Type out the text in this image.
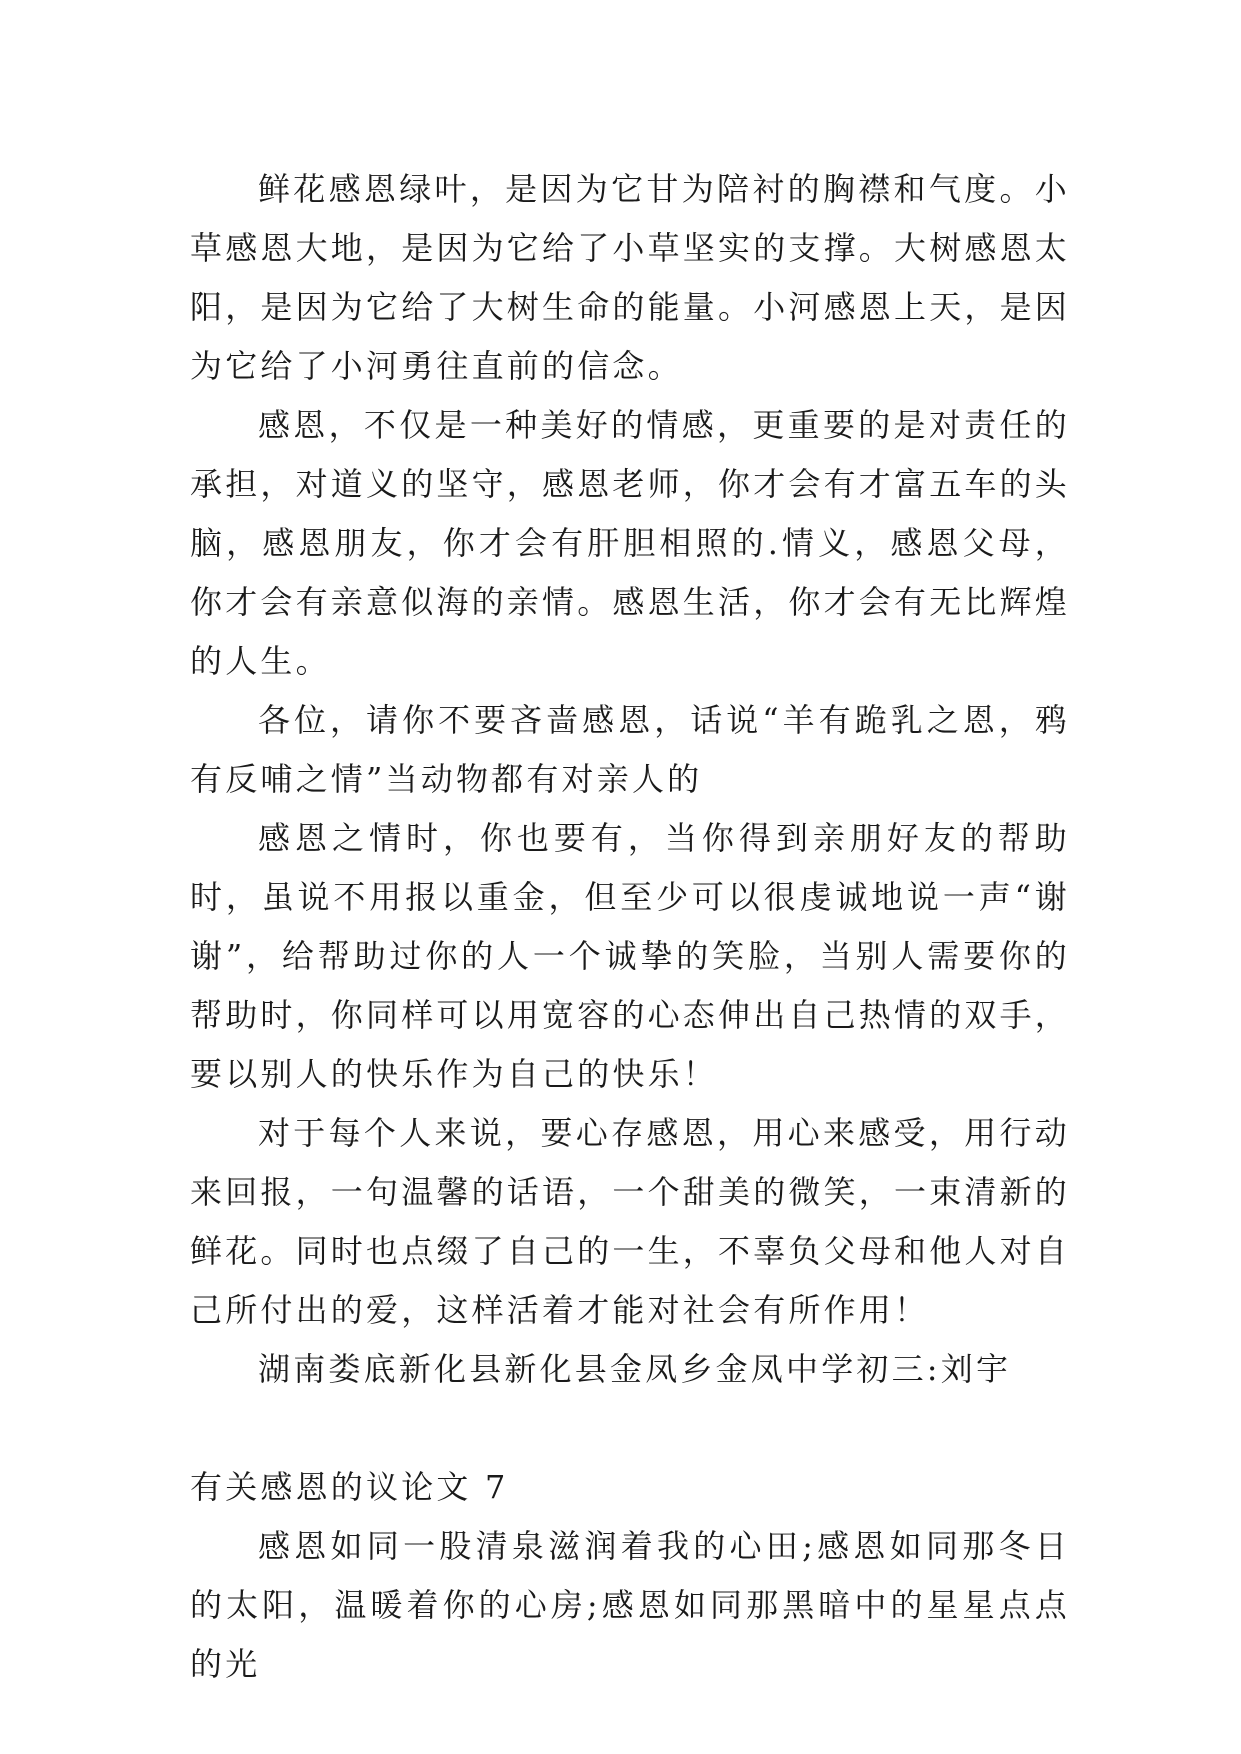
鲜花感恩绿叶，是因为它甘为陪衬的胸襟和气度。小草感恩大地，是因为它给了小草坚实的支撑。大树感恩太阳，是因为它给了大树生命的能量。小河感恩上天，是因为它给了小河勇往直前的信念。

感恩，不仅是一种美好的情感，更重要的是对责任的承担，对道义的坚守，感恩老师，你才会有才富五车的头脑，感恩朋友，你才会有肝胆相照的.情义，感恩父母，你才会有亲意似海的亲情。感恩生活，你才会有无比辉煌的人生。

各位，请你不要吝啬感恩，话说“羊有跪乳之恩，鸦有反哺之情”当动物都有对亲人的

感恩之情时，你也要有，当你得到亲朋好友的帮助时，虽说不用报以重金，但至少可以很虔诚地说一声“谢谢”，给帮助过你的人一个诚挚的笑脸，当别人需要你的帮助时，你同样可以用宽容的心态伸出自己热情的双手，要以别人的快乐作为自己的快乐！

对于每个人来说，要心存感恩，用心来感受，用行动来回报，一句温馨的话语，一个甜美的微笑，一束清新的鲜花。同时也点缀了自己的一生，不辜负父母和他人对自己所付出的爱，这样活着才能对社会有所作用！

湖南娄底新化县新化县金凤乡金凤中学初三:刘宇

有关感恩的议论文 7

感恩如同一股清泉滋润着我的心田;感恩如同那冬日的太阳，温暖着你的心房;感恩如同那黑暗中的星星点点的光
